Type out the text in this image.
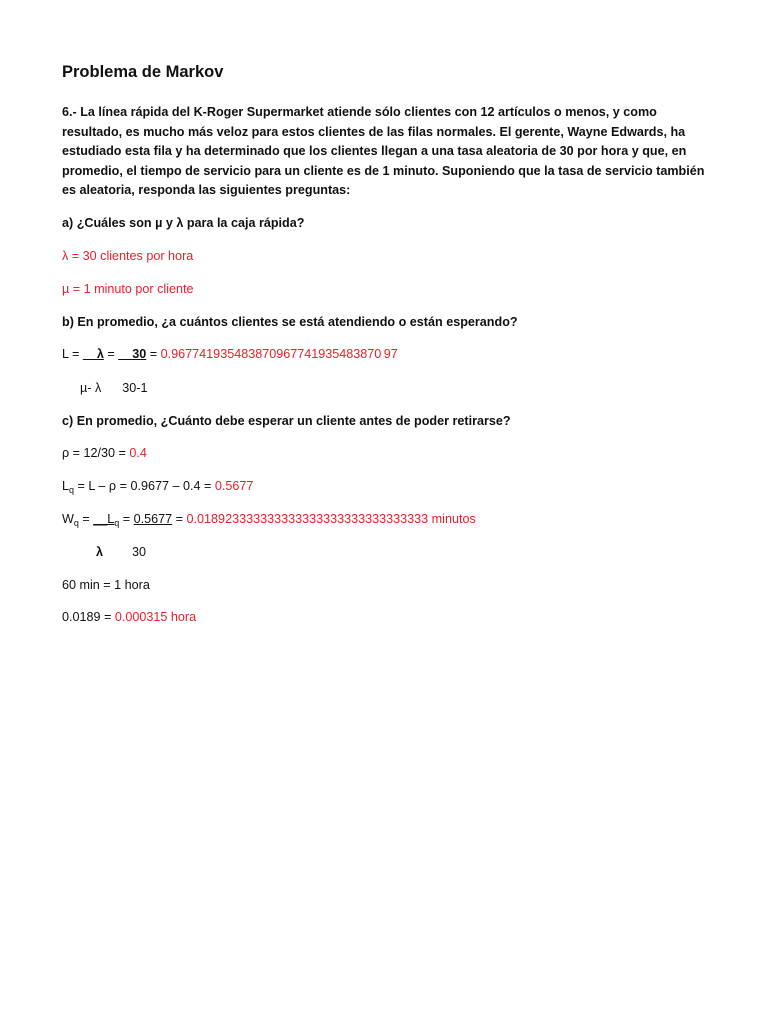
Problema de Markov
6.- La línea rápida del K-Roger Supermarket atiende sólo clientes con 12 artículos o menos, y como resultado, es mucho más veloz para estos clientes de las filas normales. El gerente, Wayne Edwards, ha estudiado esta fila y ha determinado que los clientes llegan a una tasa aleatoria de 30 por hora y que, en promedio, el tiempo de servicio para un cliente es de 1 minuto. Suponiendo que la tasa de servicio también es aleatoria, responda las siguientes preguntas:
a) ¿Cuáles son µ y λ para la caja rápida?
λ = 30 clientes por hora
µ = 1 minuto por cliente
b) En promedio, ¿a cuántos clientes se está atendiendo o están esperando?
L = __λ = __30 = 0.967741935483870967741935483870 97
µ- λ 30-1
c) En promedio, ¿Cuánto debe esperar un cliente antes de poder retirarse?
ρ = 12/30 = 0.4
$L_q = L - \rho = 0.9677 - 0.4 = 0.5677$
$W_q$ = $\_\_L_q = 0.5677 = 0.018923333333333333333333333333333$ minutos
λ 30
60 min = 1 hora
0.0189 = 0.000315 hora
